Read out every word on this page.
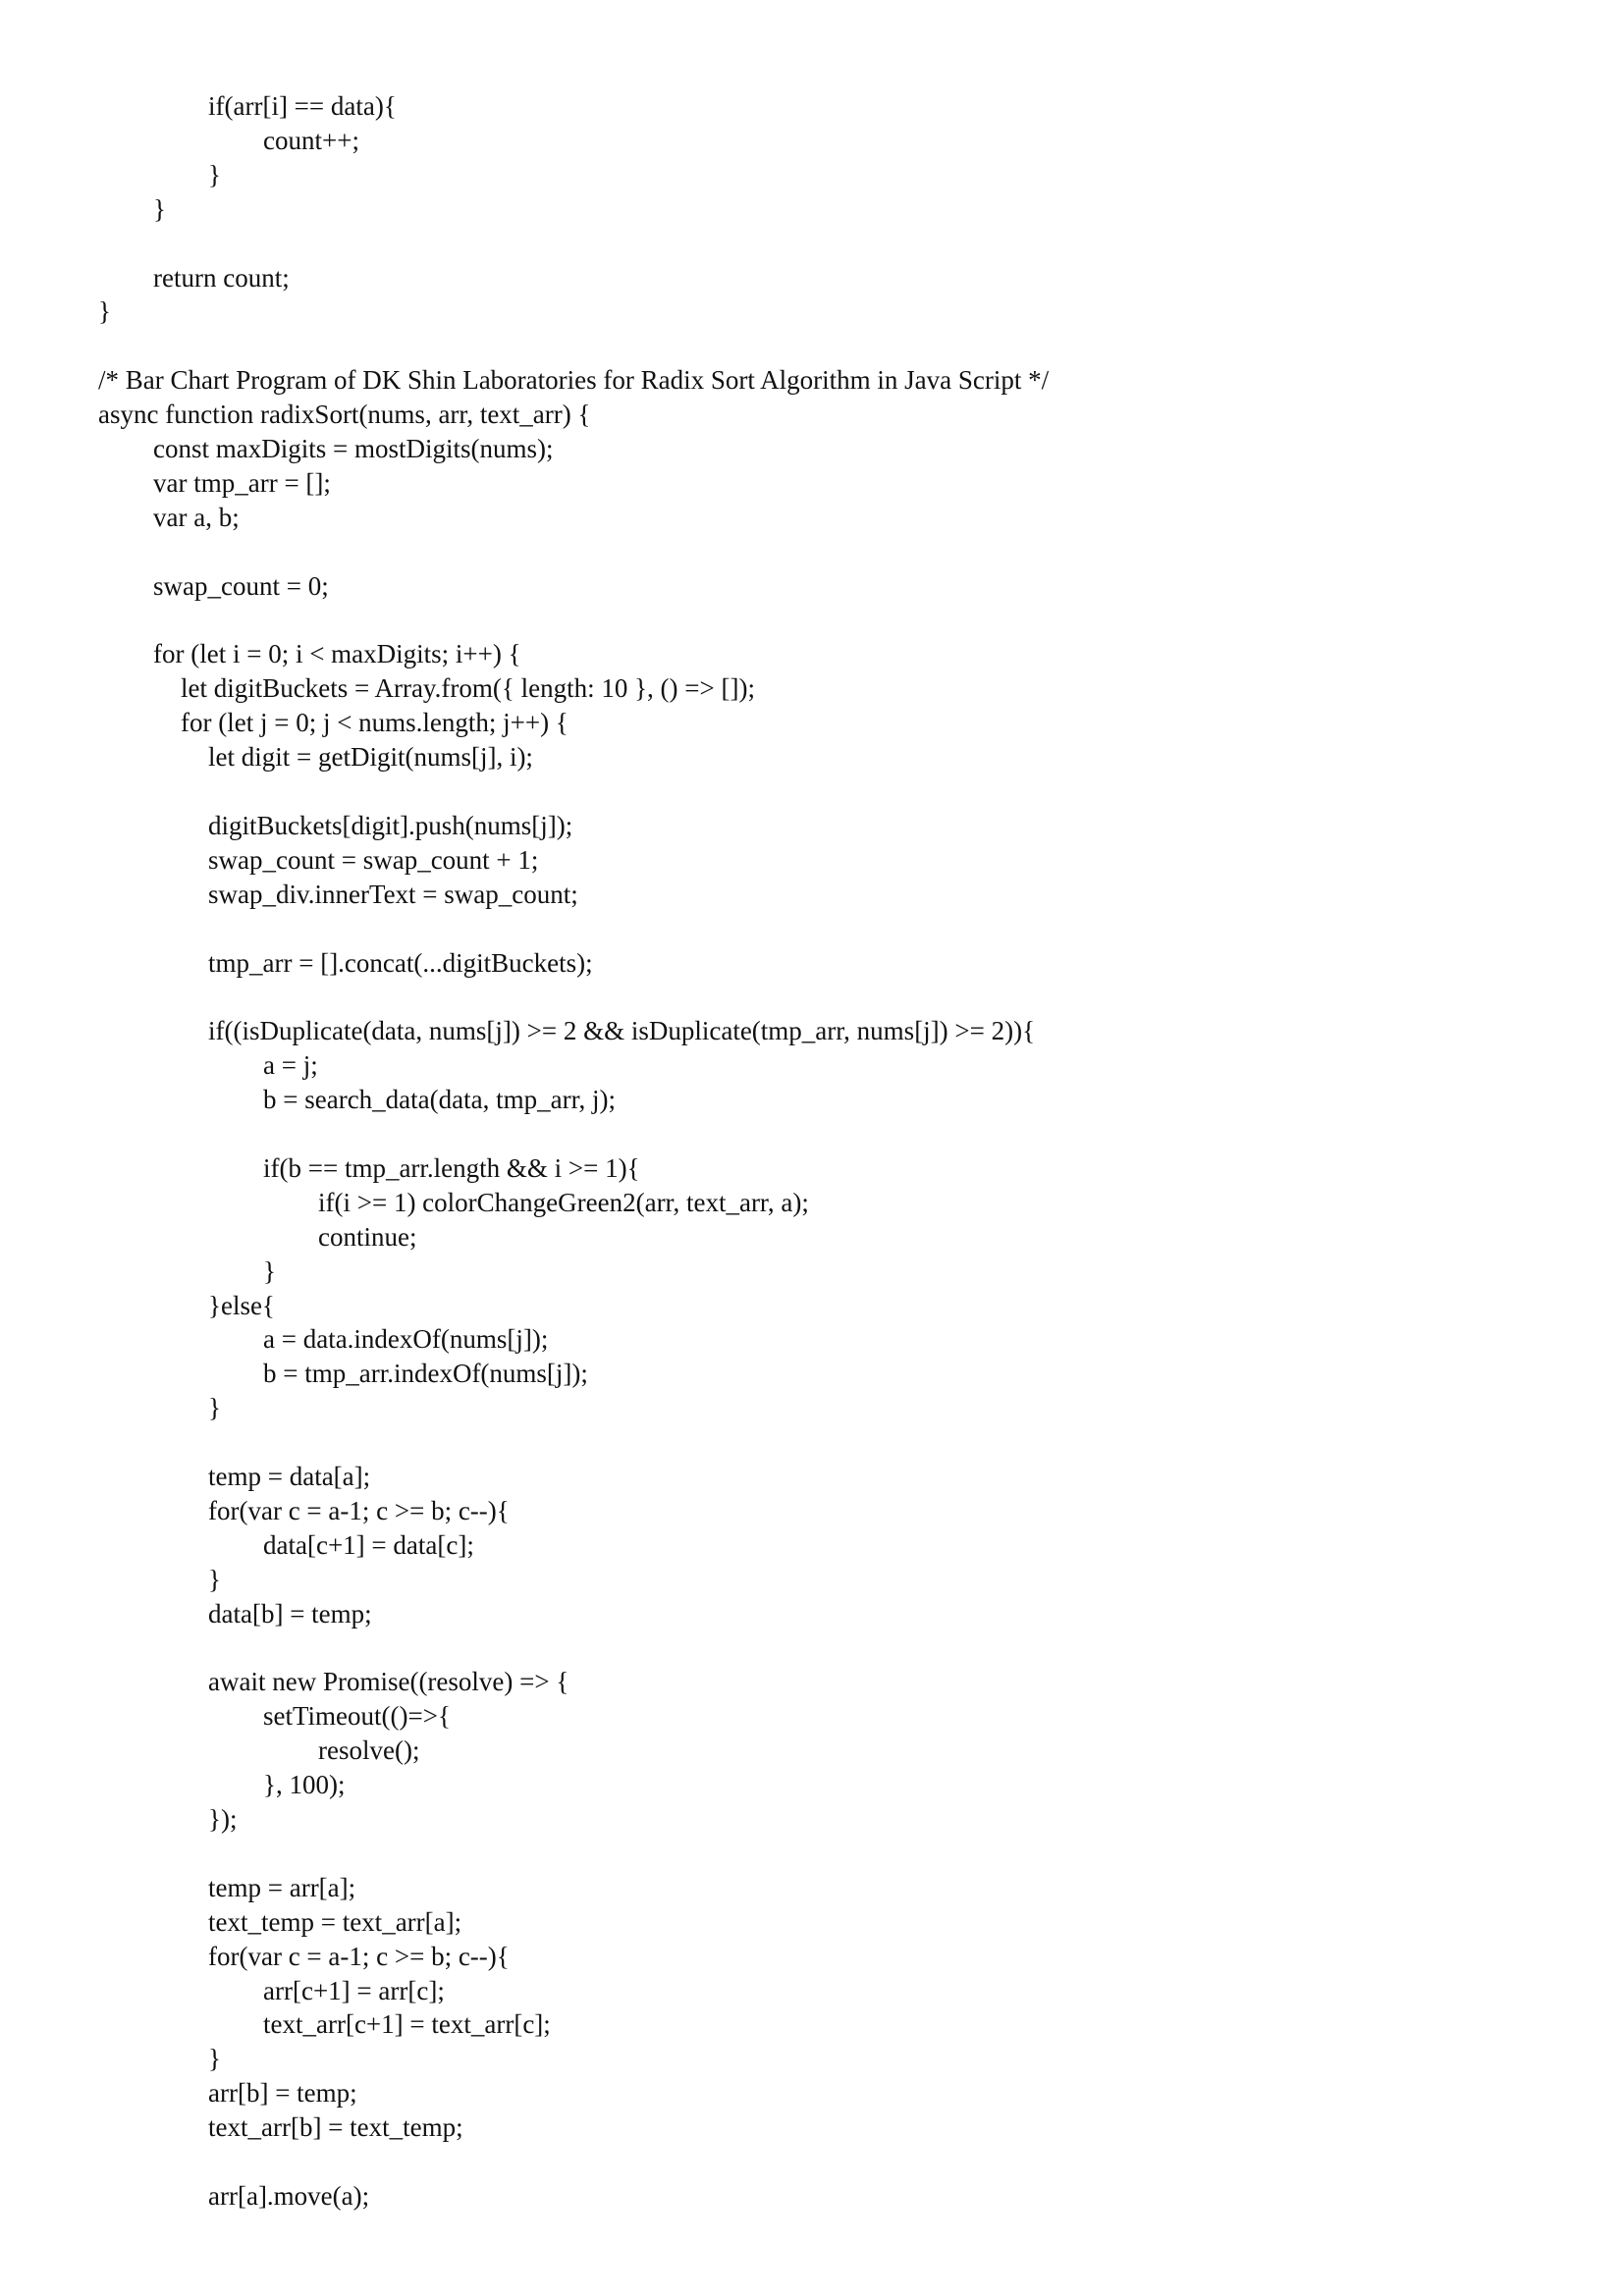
if(arr[i] == data){

count++;

}

}

return count;

}

/* Bar Chart Program of DK Shin Laboratories for Radix Sort Algorithm in Java Script */

async function radixSort(nums, arr, text_arr) {

const maxDigits = mostDigits(nums);

var tmp_arr = [];

var a, b;

swap_count = 0;

for (let i = 0; i < maxDigits; i++) {

let digitBuckets = Array.from({ length: 10 }, () => []);

for (let j = 0; j < nums.length; j++) {

let digit = getDigit(nums[j], i);

digitBuckets[digit].push(nums[j]);

swap_count = swap_count + 1;

swap_div.innerText = swap_count;

tmp_arr = [].concat(...digitBuckets);

if((isDuplicate(data, nums[j]) >= 2 && isDuplicate(tmp_arr, nums[j]) >= 2)){

a = j;

b = search_data(data, tmp_arr, j);

if(b == tmp_arr.length && i >= 1){

if(i >= 1) colorChangeGreen2(arr, text_arr, a);

continue;

}

}else{

a = data.indexOf(nums[j]);

b = tmp_arr.indexOf(nums[j]);

}

temp = data[a];

for(var c = a-1; c >= b; c--){

data[c+1] = data[c];

}

data[b] = temp;

await new Promise((resolve) => {

setTimeout(()=>{

resolve();

}, 100);

});

temp = arr[a];

text_temp = text_arr[a];

for(var c = a-1; c >= b; c--){

arr[c+1] = arr[c];

text_arr[c+1] = text_arr[c];

}

arr[b] = temp;

text_arr[b] = text_temp;

arr[a].move(a);
